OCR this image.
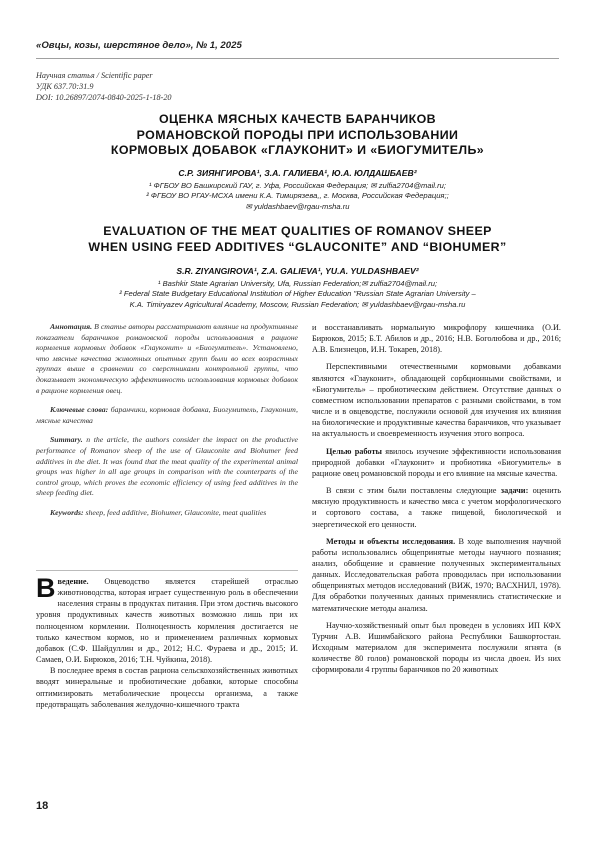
«Овцы, козы, шерстяное дело», № 1, 2025
Научная статья / Scientific paper
УДК 637.70:31.9
DOI: 10.26897/2074-0840-2025-1-18-20
ОЦЕНКА МЯСНЫХ КАЧЕСТВ БАРАНЧИКОВ
РОМАНОВСКОЙ ПОРОДЫ ПРИ ИСПОЛЬЗОВАНИИ
КОРМОВЫХ ДОБАВОК «ГЛАУКОНИТ» И «БИОГУМИТЕЛЬ»
С.Р. ЗИЯНГИРОВА¹, З.А. ГАЛИЕВА¹, Ю.А. ЮЛДАШБАЕВ²
¹ ФГБОУ ВО Башкирский ГАУ, г. Уфа, Российская Федерация; ✉ zulfia2704@mail.ru;
² ФГБОУ ВО РГАУ-МСХА имени К.А. Тимирязева,, г. Москва, Российская Федерация;;
✉ yuldashbaev@rgau-msha.ru
EVALUATION OF THE MEAT QUALITIES OF ROMANOV SHEEP
WHEN USING FEED ADDITIVES “GLAUCONITE” AND “BIOHUMER”
S.R. ZIYANGIROVA¹, Z.A. GALIEVA¹, YU.A. YULDASHBAEV²
¹ Bashkir State Agrarian University, Ufa, Russian Federation;✉ zulfia2704@mail.ru;
² Federal State Budgetary Educational Institution of Higher Education "Russian State Agrarian University –
K.A. Timiryazev Agricultural Academy, Moscow, Russian Federation; ✉ yuldashbaev@rgau-msha.ru

Аннотация. В статье авторы рассматривают влияние на продуктивные показатели баранчиков романовской породы использования в рационе кормления кормовых добавок «Глауконит» и «Биогумитель». Установлено, что мясные качества животных опытных групп были во всех возрастных группах выше в сравнении со сверстниками контрольной группы, что доказывает экономическую эффективность использования кормовых добавок в рационе кормления овец.

Ключевые слова: баранчики, кормовая добавка, Биогумитель, Глауконит, мясные качества

Summary. n the article, the authors consider the impact on the productive performance of Romanov sheep of the use of Glauconite and Biohumer feed additives in the diet. It was found that the meat quality of the experimental animal groups was higher in all age groups in comparison with the counterparts of the control group, which proves the economic efficiency of using feed additives in the sheep feeding diet.

Keywords: sheep, feed additive, Biohumer, Glauconite, meat qualities

Введение. Овцеводство является старейшей отраслью животноводства, которая играет существенную роль в обеспечении населения страны в продуктах питания. При этом достичь высокого уровня продуктивных качеств животных возможно лишь при их полноценном кормлении. Полноценность кормления достигается не только качеством кормов, но и применением различных кормовых добавок (С.Ф. Шайдуллин и др., 2012; Н.С. Фураева и др., 2015; И. Самаев, О.И. Бирюков, 2016; Т.Н. Чуйкина, 2018).

В последнее время в состав рациона сельскохозяйственных животных вводят минеральные и пробиотические добавки, которые способны оптимизировать метаболические процессы организма, а также предотвращать заболевания желудочно-кишечного тракта

и восстанавливать нормальную микрофлору кишечника (О.И. Бирюков, 2015; Б.Т. Абилов и др., 2016; Н.В. Боголюбова и др., 2016; А.В. Близнецов, И.Н. Токарев, 2018).

Перспективными отечественными кормовыми добавками являются «Глауконит», обладающей сорбционными свойствами, и «Биогумитель» – пробиотическим действием. Отсутствие данных о совместном использовании препаратов с разными свойствами, в том числе и в овцеводстве, послужили основой для изучения их влияния на биологические и продуктивные качества баранчиков, что указывает на актуальность и своевременность изучения этого вопроса.

Целью работы явилось изучение эффективности использования природной добавки «Глауконит» и пробиотика «Биогумитель» в рационе овец романовской породы и его влияние на мясные качества.

В связи с этим были поставлены следующие задачи: оценить мясную продуктивность и качество мяса с учетом морфологического и сортового состава, а также пищевой, биологической и энергетической его ценности.

Методы и объекты исследования. В ходе выполнения научной работы использовались общепринятые методы научного познания; анализ, обобщение и сравнение полученных экспериментальных данных. Исследовательская работа проводилась при использовании общепринятых методов исследований (ВИЖ, 1970; ВАСХНИЛ, 1978). Для обработки полученных данных применялись статистические и математические методы анализа.

Научно-хозяйственный опыт был проведен в условиях ИП КФХ Турчин А.В. Ишимбайского района Республики Башкортостан. Исходным материалом для эксперимента послужили ягнята (в количестве 80 голов) романовской породы из числа двоен. Из них сформировали 4 группы баранчиков по 20 животных

18
